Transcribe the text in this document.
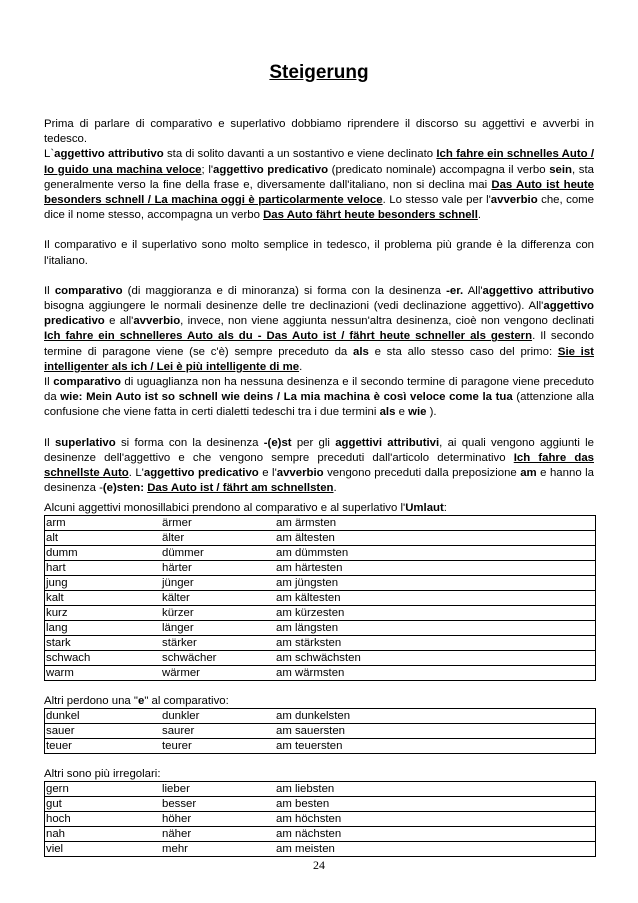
Steigerung

Prima di parlare di comparativo e superlativo dobbiamo riprendere il discorso su aggettivi e avverbi in tedesco.
L`aggettivo attributivo sta di solito davanti a un sostantivo e viene declinato Ich fahre ein schnelles Auto / Io guido una machina veloce; l'aggettivo predicativo (predicato nominale) accompagna il verbo sein, sta generalmente verso la fine della frase e, diversamente dall'italiano, non si declina mai Das Auto ist heute besonders schnell / La machina oggi è particolarmente veloce. Lo stesso vale per l'avverbio che, come dice il nome stesso, accompagna un verbo Das Auto fährt heute besonders schnell.

Il comparativo e il superlativo sono molto semplice in tedesco, il problema più grande è la differenza con l'italiano.

Il comparativo (di maggioranza e di minoranza) si forma con la desinenza -er. All'aggettivo attributivo bisogna aggiungere le normali desinenze delle tre declinazioni (vedi declinazione aggettivo). All'aggettivo predicativo e all'avverbio, invece, non viene aggiunta nessun'altra desinenza, cioè non vengono declinati Ich fahre ein schnelleres Auto als du - Das Auto ist / fährt heute schneller als gestern. Il secondo termine di paragone viene (se c'è) sempre preceduto da als e sta allo stesso caso del primo: Sie ist intelligenter als ich / Lei è più intelligente di me.

Il comparativo di uguaglianza non ha nessuna desinenza e il secondo termine di paragone viene preceduto da wie: Mein Auto ist so schnell wie deins / La mia machina è così veloce come la tua (attenzione alla confusione che viene fatta in certi dialetti tedeschi tra i due termini als e wie ).

Il superlativo si forma con la desinenza -(e)st per gli aggettivi attributivi, ai quali vengono aggiunti le desinenze dell'aggettivo e che vengono sempre preceduti dall'articolo determinativo Ich fahre das schnellste Auto. L'aggettivo predicativo e l'avverbio vengono preceduti dalla preposizione am e hanno la desinenza -(e)sten: Das Auto ist / fährt am schnellsten.

Alcuni aggettivi monosillabici prendono al comparativo e al superlativo l'Umlaut:
arm	ärmer	am ärmsten
alt	älter	am ältesten
dumm	dümmer	am dümmsten
hart	härter	am härtesten
jung	jünger	am jüngsten
kalt	kälter	am kältesten
kurz	kürzer	am kürzesten
lang	länger	am längsten
stark	stärker	am stärksten
schwach	schwächer	am schwächsten
warm	wärmer	am wärmsten
Altri perdono una "e" al comparativo:
dunkel	dunkler	am dunkelsten
sauer	saurer	am sauersten
teuer	teurer	am teuersten
Altri sono più irregolari:
gern	lieber	am liebsten
gut	besser	am besten
hoch	höher	am höchsten
nah	näher	am nächsten
viel	mehr	am meisten
24
